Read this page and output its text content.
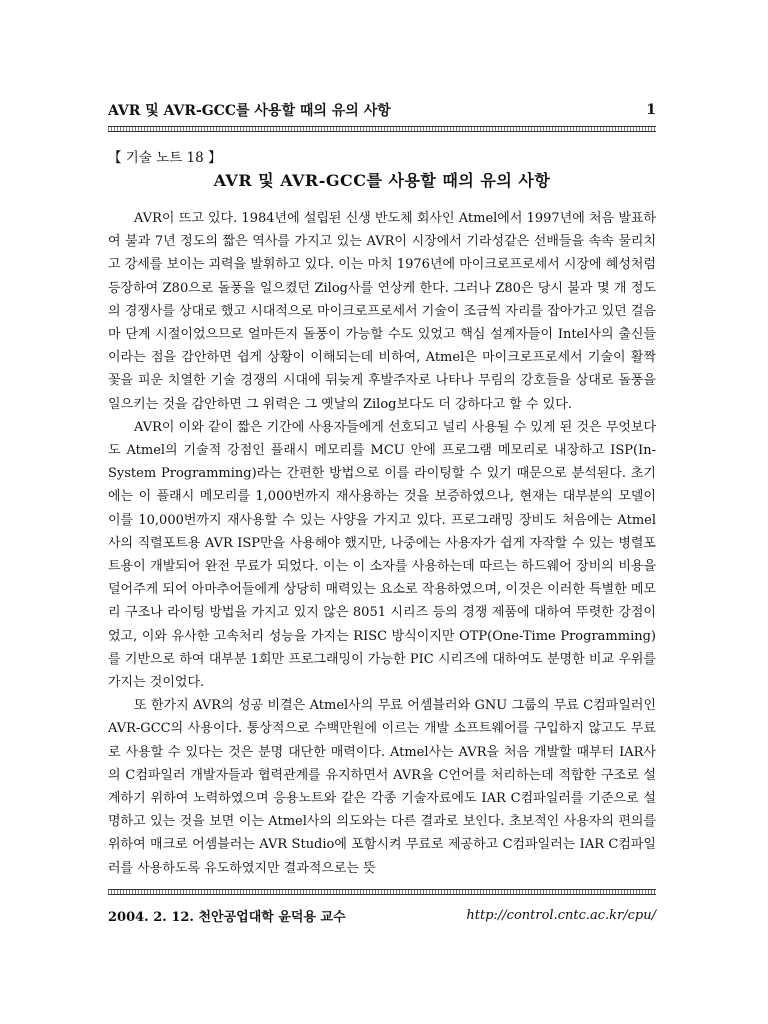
AVR 및 AVR-GCC를 사용할 때의 유의 사항	1
【 기술 노트 18 】
AVR 및 AVR-GCC를 사용할 때의 유의 사항

AVR이 뜨고 있다. 1984년에 설립된 신생 반도체 회사인 Atmel에서 1997년에 처음 발표하여 불과 7년 정도의 짧은 역사를 가지고 있는 AVR이 시장에서 기라성같은 선배들을 속속 물리치고 강세를 보이는 괴력을 발휘하고 있다. 이는 마치 1976년에 마이크로프로세서 시장에 혜성처럼 등장하여 Z80으로 돌풍을 일으켰던 Zilog사를 연상케 한다. 그러나 Z80은 당시 불과 몇 개 정도의 경쟁사를 상대로 했고 시대적으로 마이크로프로세서 기술이 조금씩 자리를 잡아가고 있던 걸음마 단계 시절이었으므로 얼마든지 돌풍이 가능할 수도 있었고 핵심 설계자들이 Intel사의 출신들이라는 점을 감안하면 쉽게 상황이 이해되는데 비하여, Atmel은 마이크로프로세서 기술이 활짝 꽃을 피운 치열한 기술 경쟁의 시대에 뒤늦게 후발주자로 나타나 무림의 강호들을 상대로 돌풍을 일으키는 것을 감안하면 그 위력은 그 옛날의 Zilog보다도 더 강하다고 할 수 있다.

AVR이 이와 같이 짧은 기간에 사용자들에게 선호되고 널리 사용될 수 있게 된 것은 무엇보다도 Atmel의 기술적 강점인 플래시 메모리를 MCU 안에 프로그램 메모리로 내장하고 ISP(In-System Programming)라는 간편한 방법으로 이를 라이팅할 수 있기 때문으로 분석된다. 초기에는 이 플래시 메모리를 1,000번까지 재사용하는 것을 보증하였으나, 현재는 대부분의 모델이 이를 10,000번까지 재사용할 수 있는 사양을 가지고 있다. 프로그래밍 장비도 처음에는 Atmel사의 직렬포트용 AVR ISP만을 사용해야 했지만, 나중에는 사용자가 쉽게 자작할 수 있는 병렬포트용이 개발되어 완전 무료가 되었다. 이는 이 소자를 사용하는데 따르는 하드웨어 장비의 비용을 덜어주게 되어 아마추어들에게 상당히 매력있는 요소로 작용하였으며, 이것은 이러한 특별한 메모리 구조나 라이팅 방법을 가지고 있지 않은 8051 시리즈 등의 경쟁 제품에 대하여 뚜렷한 강점이었고, 이와 유사한 고속처리 성능을 가지는 RISC 방식이지만 OTP(One-Time Programming)를 기반으로 하여 대부분 1회만 프로그래밍이 가능한 PIC 시리즈에 대하여도 분명한 비교 우위를 가지는 것이었다.

또 한가지 AVR의 성공 비결은 Atmel사의 무료 어셈블러와 GNU 그룹의 무료 C컴파일러인 AVR-GCC의 사용이다. 통상적으로 수백만원에 이르는 개발 소프트웨어를 구입하지 않고도 무료로 사용할 수 있다는 것은 분명 대단한 매력이다. Atmel사는 AVR을 처음 개발할 때부터 IAR사의 C컴파일러 개발자들과 협력관계를 유지하면서 AVR을 C언어를 처리하는데 적합한 구조로 설계하기 위하여 노력하였으며 응용노트와 같은 각종 기술자료에도 IAR C컴파일러를 기준으로 설명하고 있는 것을 보면 이는 Atmel사의 의도와는 다른 결과로 보인다. 초보적인 사용자의 편의를 위하여 매크로 어셈블러는 AVR Studio에 포함시켜 무료로 제공하고 C컴파일러는 IAR C컴파일러를 사용하도록 유도하였지만 결과적으로는 뜻

2004. 2. 12. 천안공업대학 윤덕용 교수	http://control.cntc.ac.kr/cpu/
